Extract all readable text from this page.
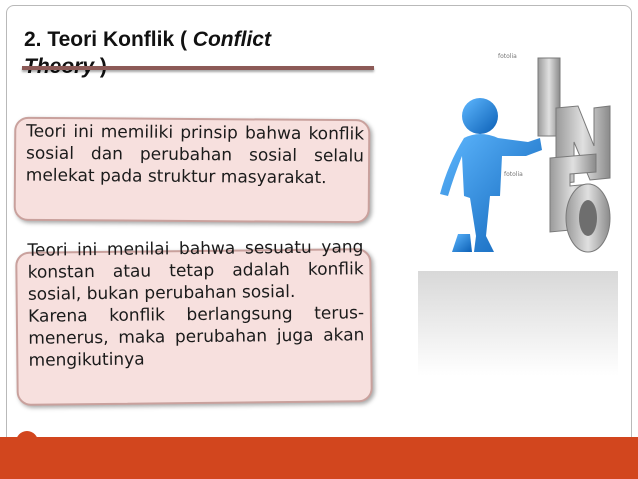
2. Teori Konflik ( Conflict

Teori ini memiliki prinsip bahwa konflik sosial dan perubahan sosial selalu melekat pada struktur masyarakat.

Teori ini menilai bahwa sesuatu yang konstan atau tetap adalah konflik sosial, bukan perubahan sosial.

Karena konflik berlangsung terus-menerus, maka perubahan juga akan mengikutinya

fotolia
fotolia
